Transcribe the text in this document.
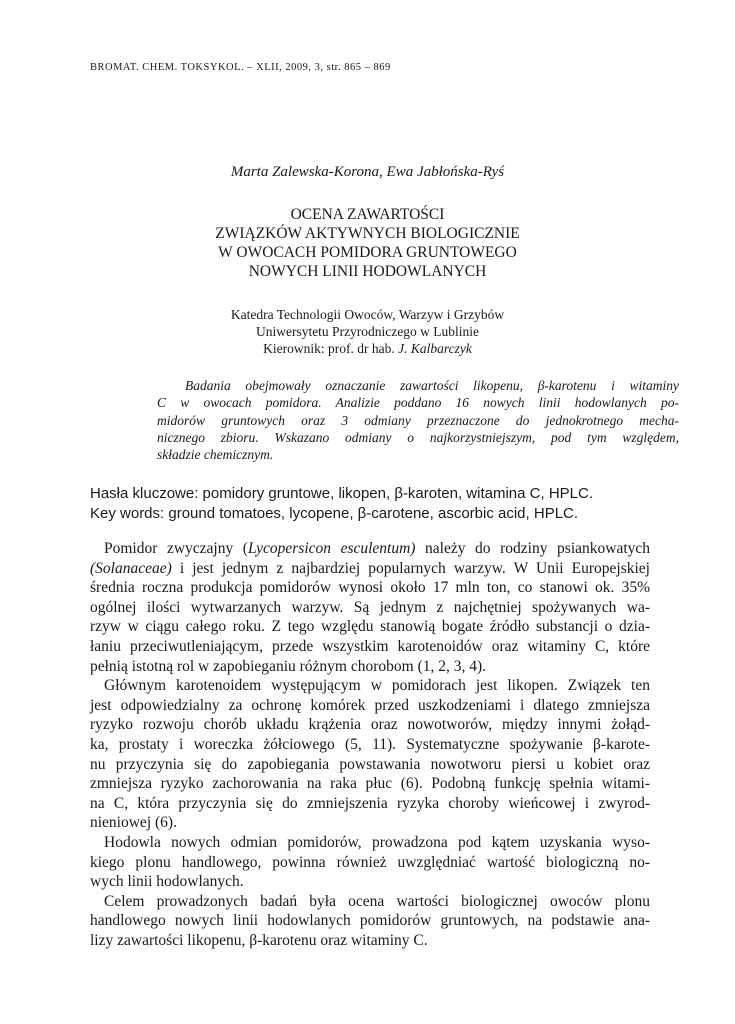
BROMAT. CHEM. TOKSYKOL. – XLII, 2009, 3, str. 865 – 869
Marta Zalewska-Korona, Ewa Jabłońska-Ryś
OCENA ZAWARTOŚCI
ZWIĄZKÓW AKTYWNYCH BIOLOGICZNIE
W OWOCACH POMIDORA GRUNTOWEGO
NOWYCH LINII HODOWLANYCH
Katedra Technologii Owoców, Warzyw i Grzybów
Uniwersytetu Przyrodniczego w Lublinie
Kierownik: prof. dr hab. J. Kalbarczyk
Badania obejmowały oznaczanie zawartości likopenu, β-karotenu i witaminy
C w owocach pomidora. Analizie poddano 16 nowych linii hodowlanych po-
midorów gruntowych oraz 3 odmiany przeznaczone do jednokrotnego mecha-
nicznego zbioru. Wskazano odmiany o najkorzystniejszym, pod tym względem,
składzie chemicznym.
Hasła kluczowe: pomidory gruntowe, likopen, β-karoten, witamina C, HPLC.
Key words: ground tomatoes, lycopene, β-carotene, ascorbic acid, HPLC.
Pomidor zwyczajny (Lycopersicon esculentum) należy do rodziny psiankowatych
(Solanaceae) i jest jednym z najbardziej popularnych warzyw. W Unii Europejskiej
średnia roczna produkcja pomidorów wynosi około 17 mln ton, co stanowi ok. 35%
ogólnej ilości wytwarzanych warzyw. Są jednym z najchętniej spożywanych wa-
rzyw w ciągu całego roku. Z tego względu stanowią bogate źródło substancji o dzia-
łaniu przeciwutleniającym, przede wszystkim karotenoidów oraz witaminy C, które
pełnią istotną rol w zapobieganiu różnym chorobom (1, 2, 3, 4).
Głównym karotenoidem występującym w pomidorach jest likopen. Związek ten
jest odpowiedzialny za ochronę komórek przed uszkodzeniami i dlatego zmniejsza
ryzyko rozwoju chorób układu krążenia oraz nowotworów, między innymi żołąd-
ka, prostaty i woreczka żółciowego (5, 11). Systematyczne spożywanie β-karote-
nu przyczynia się do zapobiegania powstawania nowotworu piersi u kobiet oraz
zmniejsza ryzyko zachorowania na raka płuc (6). Podobną funkcję spełnia witami-
na C, która przyczynia się do zmniejszenia ryzyka choroby wieńcowej i zwyrod-
nieniowej (6).
Hodowla nowych odmian pomidorów, prowadzona pod kątem uzyskania wyso-
kiego plonu handlowego, powinna również uwzględniać wartość biologiczną no-
wych linii hodowlanych.
Celem prowadzonych badań była ocena wartości biologicznej owoców plonu
handlowego nowych linii hodowlanych pomidorów gruntowych, na podstawie ana-
lizy zawartości likopenu, β-karotenu oraz witaminy C.
